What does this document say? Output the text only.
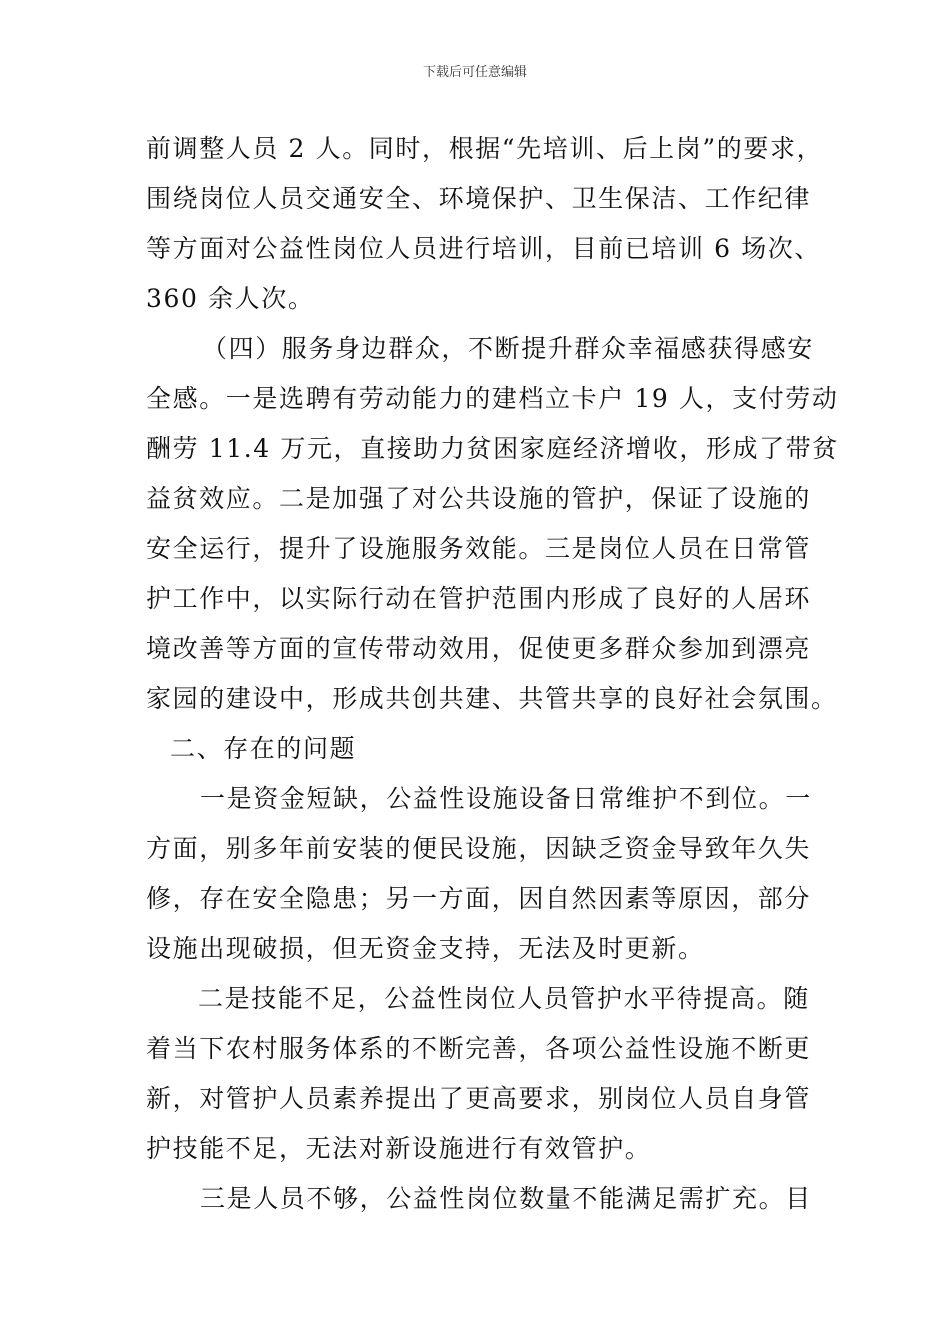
下载后可任意编辑
前调整人员 2 人。同时，根据“先培训、后上岗”的要求，
围绕岗位人员交通安全、环境保护、卫生保洁、工作纪律
等方面对公益性岗位人员进行培训，目前已培训 6 场次、
360 余人次。
（四）服务身边群众，不断提升群众幸福感获得感安
全感。一是选聘有劳动能力的建档立卡户 19 人，支付劳动
酬劳 11.4 万元，直接助力贫困家庭经济增收，形成了带贫
益贫效应。二是加强了对公共设施的管护，保证了设施的
安全运行，提升了设施服务效能。三是岗位人员在日常管
护工作中，以实际行动在管护范围内形成了良好的人居环
境改善等方面的宣传带动效用，促使更多群众参加到漂亮
家园的建设中，形成共创共建、共管共享的良好社会氛围。
二、存在的问题
一是资金短缺，公益性设施设备日常维护不到位。一
方面，别多年前安装的便民设施，因缺乏资金导致年久失
修，存在安全隐患；另一方面，因自然因素等原因，部分
设施出现破损，但无资金支持，无法及时更新。
二是技能不足，公益性岗位人员管护水平待提高。随
着当下农村服务体系的不断完善，各项公益性设施不断更
新，对管护人员素养提出了更高要求，别岗位人员自身管
护技能不足，无法对新设施进行有效管护。
三是人员不够，公益性岗位数量不能满足需扩充。目
